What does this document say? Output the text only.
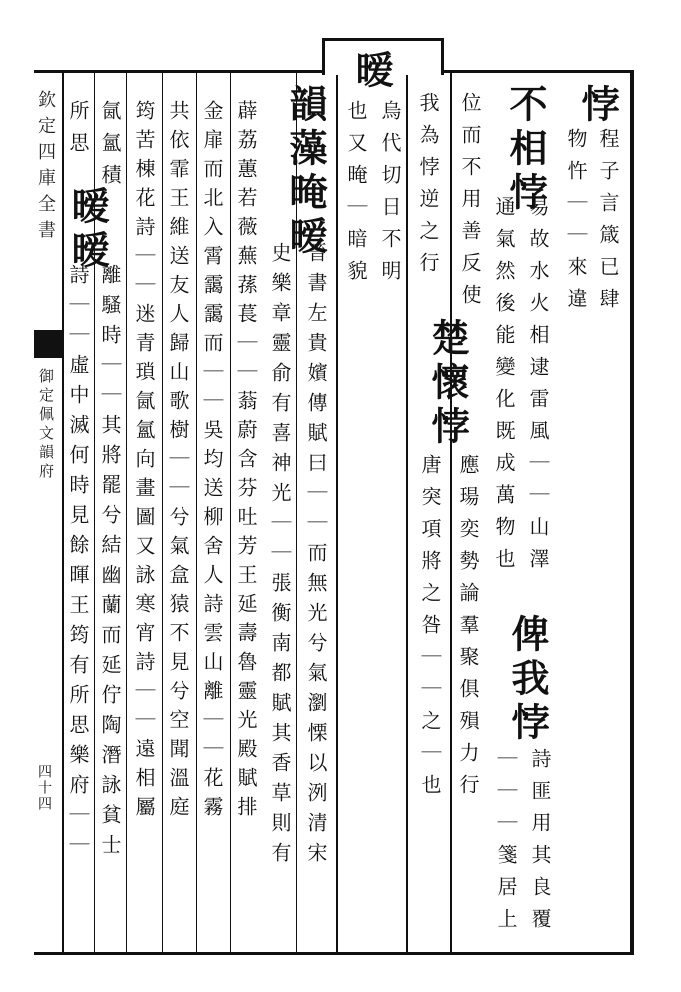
欽定四庫全書
御定佩文韻府
四十四
暧
悖
程子言箴已肆
物忤｜｜來違
不相悖
易故水火相逮雷風｜｜山澤
通氣然後能變化既成萬物也
位而不用善反使
我為悖逆之行
俾我悖
詩匪用其良覆
｜｜｜箋居上
楚懷悖
應瑒奕勢論羣聚俱殞力行
唐突項將之咎｜｜之｜也
烏代切日不明
也又晻｜暗貌
韻藻晻暧
晉書左貴嬪傳賦曰｜｜而無光兮氣瀏慄以洌清宋
史樂章靈俞有喜神光｜｜張衡南都賦其香草則有
薜荔蕙若薇蕪蓀萇｜｜蓊蔚含芬吐芳王延壽魯靈光殿賦排
金扉而北入霄靄靄而｜｜吳均送柳舍人詩雲山離｜｜花霧
共依霏王維送友人歸山歌樹｜｜兮氣盒猿不見兮空聞溫庭
筠苦棟花詩｜｜迷青瑣氤氳向畫圖又詠寒宵詩｜｜遠相屬
氤氳積
暧暧
離騷時｜｜其將罷兮結幽蘭而延佇陶潛詠貧士
所思
詩｜｜虛中滅何時見餘暉王筠有所思樂府｜｜
